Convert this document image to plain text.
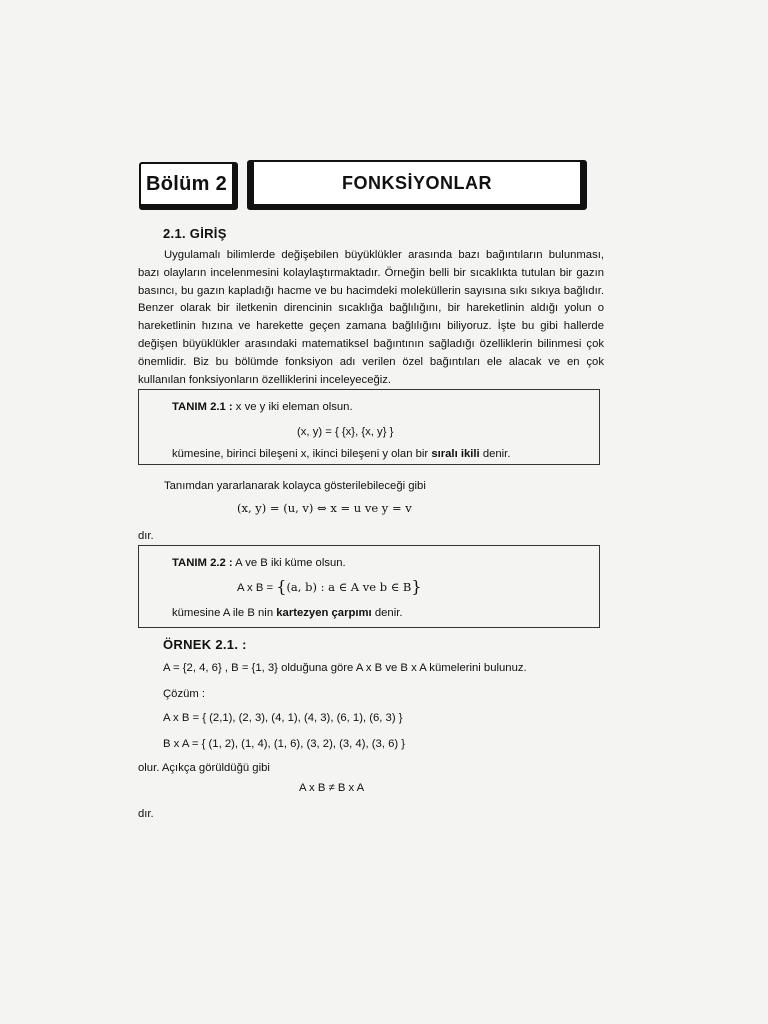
Bölüm 2	FONKSİYONLAR
2.1. GİRİŞ
Uygulamalı bilimlerde değişebilen büyüklükler arasında bazı bağıntıların bulunması,
bazı olayların incelenmesini kolaylaştırmaktadır. Örneğin belli bir sıcaklıkta tutulan bir gazın
basıncı, bu gazın kapladığı hacme ve bu hacimdeki moleküllerin sayısına sıkı sıkıya bağlıdır.
Benzer olarak bir iletkenin direncinin sıcaklığa bağlılığını, bir hareketlinin aldığı yolun o
hareketlinin hızına ve harekette geçen zamana bağlılığını biliyoruz. İşte bu gibi hallerde
değişen büyüklükler arasındaki matematiksel bağıntının sağladığı özelliklerin bilinmesi çok
önemlidir. Biz bu bölümde fonksiyon adı verilen özel bağıntıları ele alacak ve en çok
kullanılan fonksiyonların özelliklerini inceleyeceğiz.
TANIM 2.1 : x ve y iki eleman olsun.
(x, y) = { {x}, {x, y} }
kümesine, birinci bileşeni x, ikinci bileşeni y olan bir sıralı ikili denir.
Tanımdan yararlanarak kolayca gösterilebileceği gibi
(x, y) = (u, v) ⇔ x = u ve y = v
dır.
TANIM 2.2 : A ve B iki küme olsun.
A x B = {(a, b) : a ∈ A ve b ∈ B}
kümesine A ile B nin kartezyen çarpımı denir.
ÖRNEK 2.1. :
A = {2, 4, 6} , B = {1, 3} olduğuna göre A x B ve B x A kümelerini bulunuz.
Çözüm :
A x B = { (2,1), (2, 3), (4, 1), (4, 3), (6, 1), (6, 3) }
B x A = { (1, 2), (1, 4), (1, 6), (3, 2), (3, 4), (3, 6) }
olur. Açıkça görüldüğü gibi
A x B ≠ B x A
dır.
